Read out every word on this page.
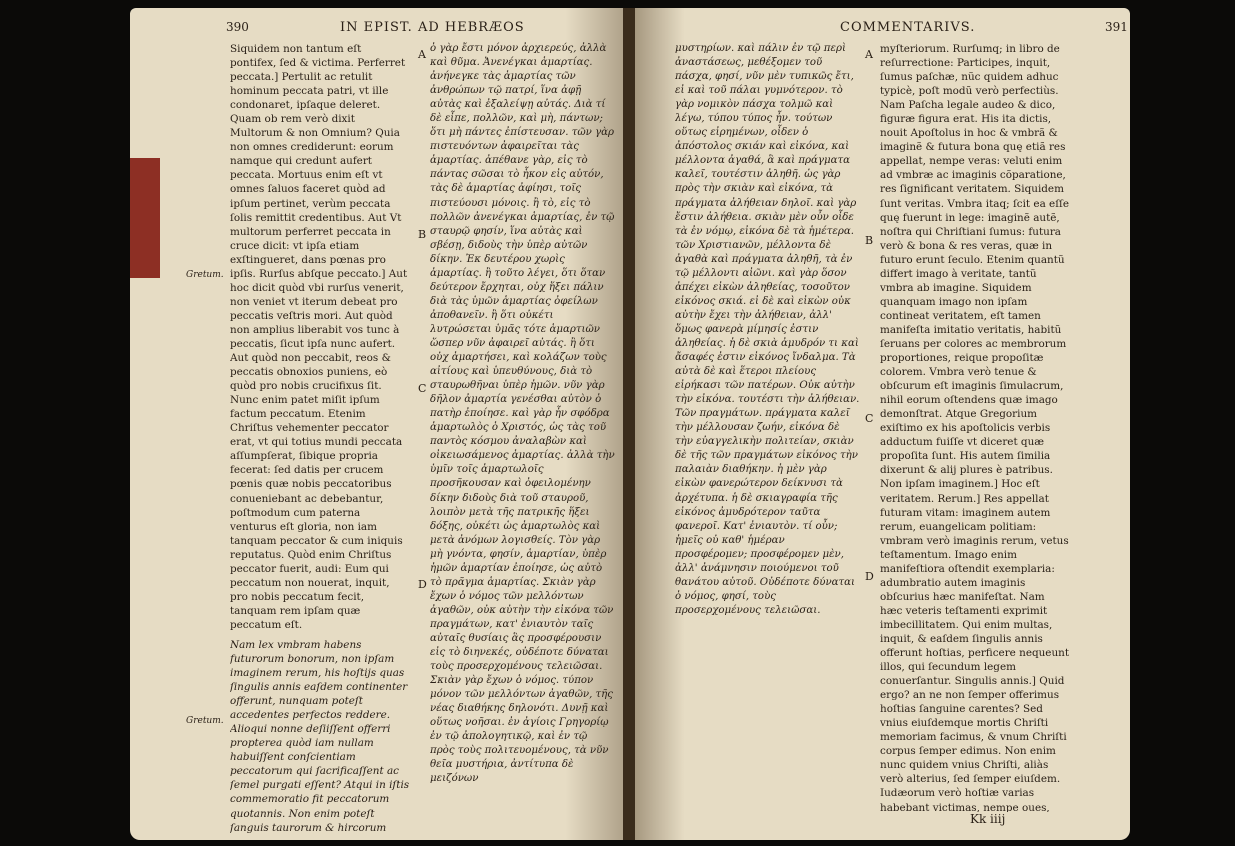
390	IN EPIST. AD HEBRÆOS

Siquidem non tantum eſt pontifex, ſed & victima. Perferret peccata.] Pertulit ac retulit hominum peccata patri, vt ille condonaret, ipſaque deleret. Quam ob rem verò dixit Multorum & non Omnium? Quia non omnes crediderunt: eorum namque qui credunt aufert peccata. Mortuus enim eſt vt omnes ſaluos faceret quòd ad ipſum pertinet, verùm peccata ſolis remittit credentibus. Aut Vt multorum perferret peccata in cruce dicit: vt ipſa etiam exſtingueret, dans pœnas pro ipſis. Rurſus abſque peccato.] Aut hoc dicit quòd vbi rurſus venerit, non veniet vt iterum debeat pro peccatis veſtris mori. Aut quòd non amplius liberabit vos tunc à peccatis, ſicut ipſa nunc aufert. Aut quòd non peccabit, reos & peccatis obnoxios puniens, eò quòd pro nobis crucifixus ſit. Nunc enim patet miſit ipſum factum peccatum. Etenim Chriſtus vehementer peccator erat, vt qui totius mundi peccata aſſumpſerat, ſibique propria fecerat: ſed datis per crucem pœnis quæ nobis peccatoribus conueniebant ac debebantur, poſtmodum cum paterna venturus eſt gloria, non iam tanquam peccator & cum iniquis reputatus. Quòd enim Chriſtus peccator fuerit, audi: Eum qui peccatum non nouerat, inquit, pro nobis peccatum fecit, tanquam rem ipſam quæ peccatum eſt.

Nam lex vmbram habens futurorum bonorum, non ipſam imaginem rerum, his hoſtijs quas ſingulis annis eaſdem continenter offerunt, nunquam poteſt accedentes perfectos reddere. Alioqui nonne deſiiſſent offerri propterea quòd iam nullam habuiſſent conſcientiam peccatorum qui ſacrificaſſent ac ſemel purgati eſſent? Atqui in iſtis commemoratio fit peccatorum quotannis. Non enim poteſt ſanguis taurorum & hircorum

A
B
C
D
Gretum.
Gretum.
ὁ γὰρ ἔστι μόνον ἀρχιερεύς, ἀλλὰ καὶ θῦμα. Ἀνενέγκαι ἁμαρτίας. ἀνήνεγκε τὰς ἁμαρτίας τῶν ἀνθρώπων τῷ πατρί, ἵνα ἀφῇ αὐτὰς καὶ ἐξαλείψῃ αὐτάς. Διὰ τί δὲ εἶπε, πολλῶν, καὶ μὴ, πάντων; ὅτι μὴ πάντες ἐπίστευσαν. τῶν γὰρ πιστευόντων ἀφαιρεῖται τὰς ἁμαρτίας. ἀπέθανε γὰρ, εἰς τὸ πάντας σῶσαι τὸ ἧκον εἰς αὐτόν, τὰς δὲ ἁμαρτίας ἀφίησι, τοῖς πιστεύουσι μόνοις. ἢ τὸ, εἰς τὸ πολλῶν ἀνενέγκαι ἁμαρτίας, ἐν τῷ σταυρῷ φησίν, ἵνα αὐτὰς καὶ σβέσῃ, διδοὺς τὴν ὑπὲρ αὐτῶν δίκην. Ἐκ δευτέρου χωρὶς ἁμαρτίας. ἢ τοῦτο λέγει, ὅτι ὅταν δεύτερον ἔρχηται, οὐχ ἥξει πάλιν διὰ τὰς ὑμῶν ἁμαρτίας ὀφείλων ἀποθανεῖν. ἢ ὅτι οὐκέτι λυτρώσεται ὑμᾶς τότε ἁμαρτιῶν ὥσπερ νῦν ἀφαιρεῖ αὐτάς. ἢ ὅτι οὐχ ἁμαρτήσει, καὶ κολάζων τοὺς αἰτίους καὶ ὑπευθύνους, διὰ τὸ σταυρωθῆναι ὑπὲρ ἡμῶν. νῦν γὰρ δῆλον ἀμαρτία γενέσθαι αὐτὸν ὁ πατὴρ ἐποίησε. καὶ γὰρ ἦν σφόδρα ἁμαρτωλὸς ὁ Χριστός, ὡς τὰς τοῦ παντὸς κόσμου ἀναλαβὼν καὶ οἰκειωσάμενος ἁμαρτίας. ἀλλὰ τὴν ὑμῖν τοῖς ἁμαρτωλοῖς προσῆκουσαν καὶ ὀφειλομένην δίκην διδοὺς διὰ τοῦ σταυροῦ, λοιπὸν μετὰ τῆς πατρικῆς ἥξει δόξης, οὐκέτι ὡς ἁμαρτωλὸς καὶ μετὰ ἀνόμων λογισθείς. Τὸν γὰρ μὴ γνόντα, φησίν, ἁμαρτίαν, ὑπὲρ ἡμῶν ἁμαρτίαν ἐποίησε, ὡς αὐτὸ τὸ πρᾶγμα ἁμαρτίας. Σκιὰν γὰρ ἔχων ὁ νόμος τῶν μελλόντων ἀγαθῶν, οὐκ αὐτὴν τὴν εἰκόνα τῶν πραγμάτων, κατ' ἐνιαυτὸν ταῖς αὐταῖς θυσίαις ἃς προσφέρουσιν εἰς τὸ διηνεκές, οὐδέποτε δύναται τοὺς προσερχομένους τελειῶσαι. Σκιὰν γὰρ ἔχων ὁ νόμος. τύπον μόνον τῶν μελλόντων ἀγαθῶν, τῆς νέας διαθήκης δηλονότι. Δυνῇ καὶ οὕτως νοῆσαι. ἐν ἀγίοις Γρηγορίῳ ἐν τῷ ἀπολογητικῷ, καὶ ἐν τῷ πρὸς τοὺς πολιτευομένους, τὰ νῦν θεῖα μυστήρια, ἀντίτυπα δὲ μειζόνων
COMMENTARIVS.	391
μυστηρίων. καὶ πάλιν ἐν τῷ περὶ ἀναστάσεως, μεθέξομεν τοῦ πάσχα, φησί, νῦν μὲν τυπικῶς ἔτι, εἰ καὶ τοῦ πάλαι γυμνότερον. τὸ γὰρ νομικὸν πάσχα τολμῶ καὶ λέγω, τύπου τύπος ἦν. τούτων οὕτως εἰρημένων, οἶδεν ὁ ἀπόστολος σκιάν καὶ εἰκόνα, καὶ μέλλοντα ἀγαθά, ἃ καὶ πράγματα καλεῖ, τουτέστιν ἀληθῆ. ὡς γὰρ πρὸς τὴν σκιὰν καὶ εἰκόνα, τὰ πράγματα ἀλήθειαν δηλοῖ. καὶ γὰρ ἔστιν ἀλήθεια. σκιὰν μὲν οὖν οἶδε τὰ ἐν νόμῳ, εἰκόνα δὲ τὰ ἡμέτερα. τῶν Χριστιανῶν, μέλλοντα δὲ ἀγαθὰ καὶ πράγματα ἀληθῆ, τὰ ἐν τῷ μέλλοντι αἰῶνι. καὶ γὰρ ὅσον ἀπέχει εἰκὼν ἀληθείας, τοσοῦτον εἰκόνος σκιά. εἰ δὲ καὶ εἰκὼν οὐκ αὐτὴν ἔχει τὴν ἀλήθειαν, ἀλλ' ὅμως φανερὰ μίμησίς ἐστιν ἀληθείας. ἡ δὲ σκιὰ ἀμυδρόν τι καὶ ἄσαφές ἐστιν εἰκόνος ἴνδαλμα. Τὰ αὐτὰ δὲ καὶ ἕτεροι πλείους εἰρήκασι τῶν πατέρων. Οὐκ αὐτὴν τὴν εἰκόνα. τουτέστι τὴν ἀλήθειαν. Τῶν πραγμάτων. πράγματα καλεῖ τὴν μέλλουσαν ζωήν, εἰκόνα δὲ τὴν εὐαγγελικὴν πολιτείαν, σκιὰν δὲ τῆς τῶν πραγμάτων εἰκόνος τὴν παλαιὰν διαθήκην. ἡ μὲν γὰρ εἰκὼν φανερώτερον δείκνυσι τὰ ἀρχέτυπα. ἡ δὲ σκιαγραφία τῆς εἰκόνος ἀμυδρότερον ταῦτα φανεροῖ. Κατ' ἐνιαυτὸν. τί οὖν; ἡμεῖς οὐ καθ' ἡμέραν προσφέρομεν; προσφέρομεν μὲν, ἀλλ' ἀνάμνησιν ποιούμενοι τοῦ θανάτου αὐτοῦ. Οὐδέποτε δύναται ὁ νόμος, φησί, τοὺς προσερχομένους τελειῶσαι.
A
B
C
D
myſteriorum. Rurſumq; in libro de reſurrectione: Participes, inquit, ſumus paſchæ, nũc quidem adhuc typicè, poſt modũ verò perfectiùs. Nam Paſcha legale audeo & dico, figuræ figura erat. His ita dictis, nouit Apoſtolus in hoc & vmbrã & imaginẽ & futura bona quę etiã res appellat, nempe veras: veluti enim ad vmbræ ac imaginis cõparatione, res ſignificant veritatem. Siquidem ſunt veritas. Vmbra itaq; ſcit ea eſſe quę fuerunt in lege: imaginẽ autẽ, noſtra qui Chriſtiani ſumus: futura verò & bona & res veras, quæ in futuro erunt ſeculo. Etenim quantũ differt imago à veritate, tantũ vmbra ab imagine. Siquidem quanquam imago non ipſam contineat veritatem, eſt tamen manifeſta imitatio veritatis, habitũ ſeruans per colores ac membrorum proportiones, reique propoſitæ colorem. Vmbra verò tenue & obſcurum eſt imaginis ſimulacrum, nihil eorum oſtendens quæ imago demonſtrat. Atque Gregorium exiſtimo ex his apoſtolicis verbis adductum fuiſſe vt diceret quæ propoſita ſunt. His autem ſimilia dixerunt & alij plures è patribus. Non ipſam imaginem.] Hoc eſt veritatem. Rerum.] Res appellat futuram vitam: imaginem autem rerum, euangelicam politiam: vmbram verò imaginis rerum, vetus teſtamentum. Imago enim manifeſtiora oſtendit exemplaria: adumbratio autem imaginis obſcurius hæc manifeſtat. Nam hæc veteris teſtamenti exprimit imbecillitatem. Qui enim multas, inquit, & eaſdem ſingulis annis offerunt hoſtias, perficere nequeunt illos, qui ſecundum legem conuerſantur. Singulis annis.] Quid ergo? an ne non ſemper offerimus hoſtias ſanguine carentes? Sed vnius eiuſdemque mortis Chriſti memoriam facimus, & vnum Chriſti corpus ſemper edimus. Non enim nunc quidem vnius Chriſti, aliàs verò alterius, ſed ſemper eiuſdem. Iudæorum verò hoſtiæ varias habebant victimas, nempe oues,
Kk iiij
